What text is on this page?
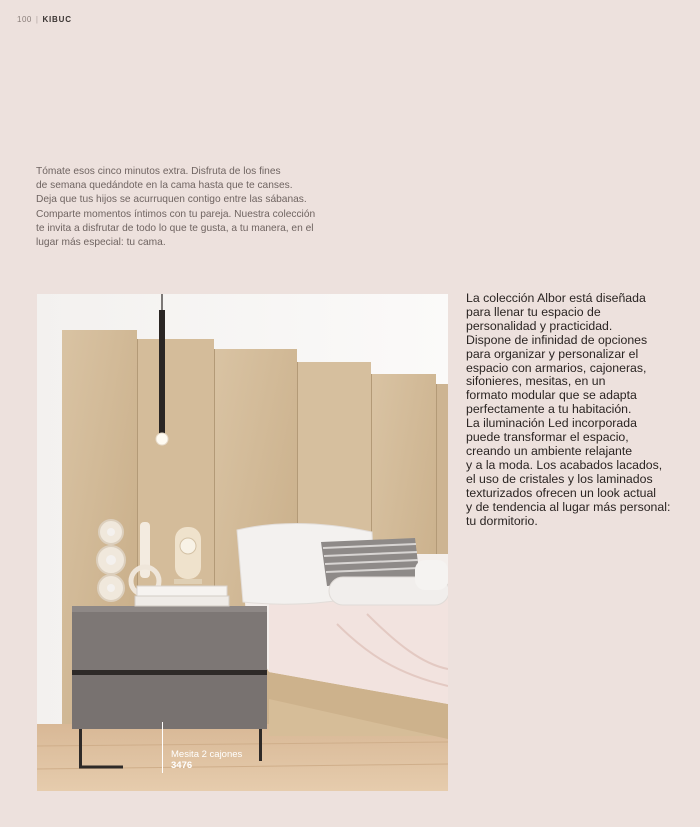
100 | KIBUC

Tómate esos cinco minutos extra. Disfruta de los fines

de semana quedándote en la cama hasta que te canses.

Deja que tus hijos se acurruquen contigo entre las sábanas.

Comparte momentos íntimos con tu pareja. Nuestra colección

te invita a disfrutar de todo lo que te gusta, a tu manera, en el

lugar más especial: tu cama.

Mesita 2 cajones
3476

La colección Albor está diseñada

para llenar tu espacio de

personalidad y practicidad.

Dispone de infinidad de opciones

para organizar y personalizar el

espacio con armarios, cajoneras,

sifonieres, mesitas, en un

formato modular que se adapta

perfectamente a tu habitación.

La iluminación Led incorporada

puede transformar el espacio,

creando un ambiente relajante

y a la moda. Los acabados lacados,

el uso de cristales y los laminados

texturizados ofrecen un look actual

y de tendencia al lugar más personal:

tu dormitorio.
